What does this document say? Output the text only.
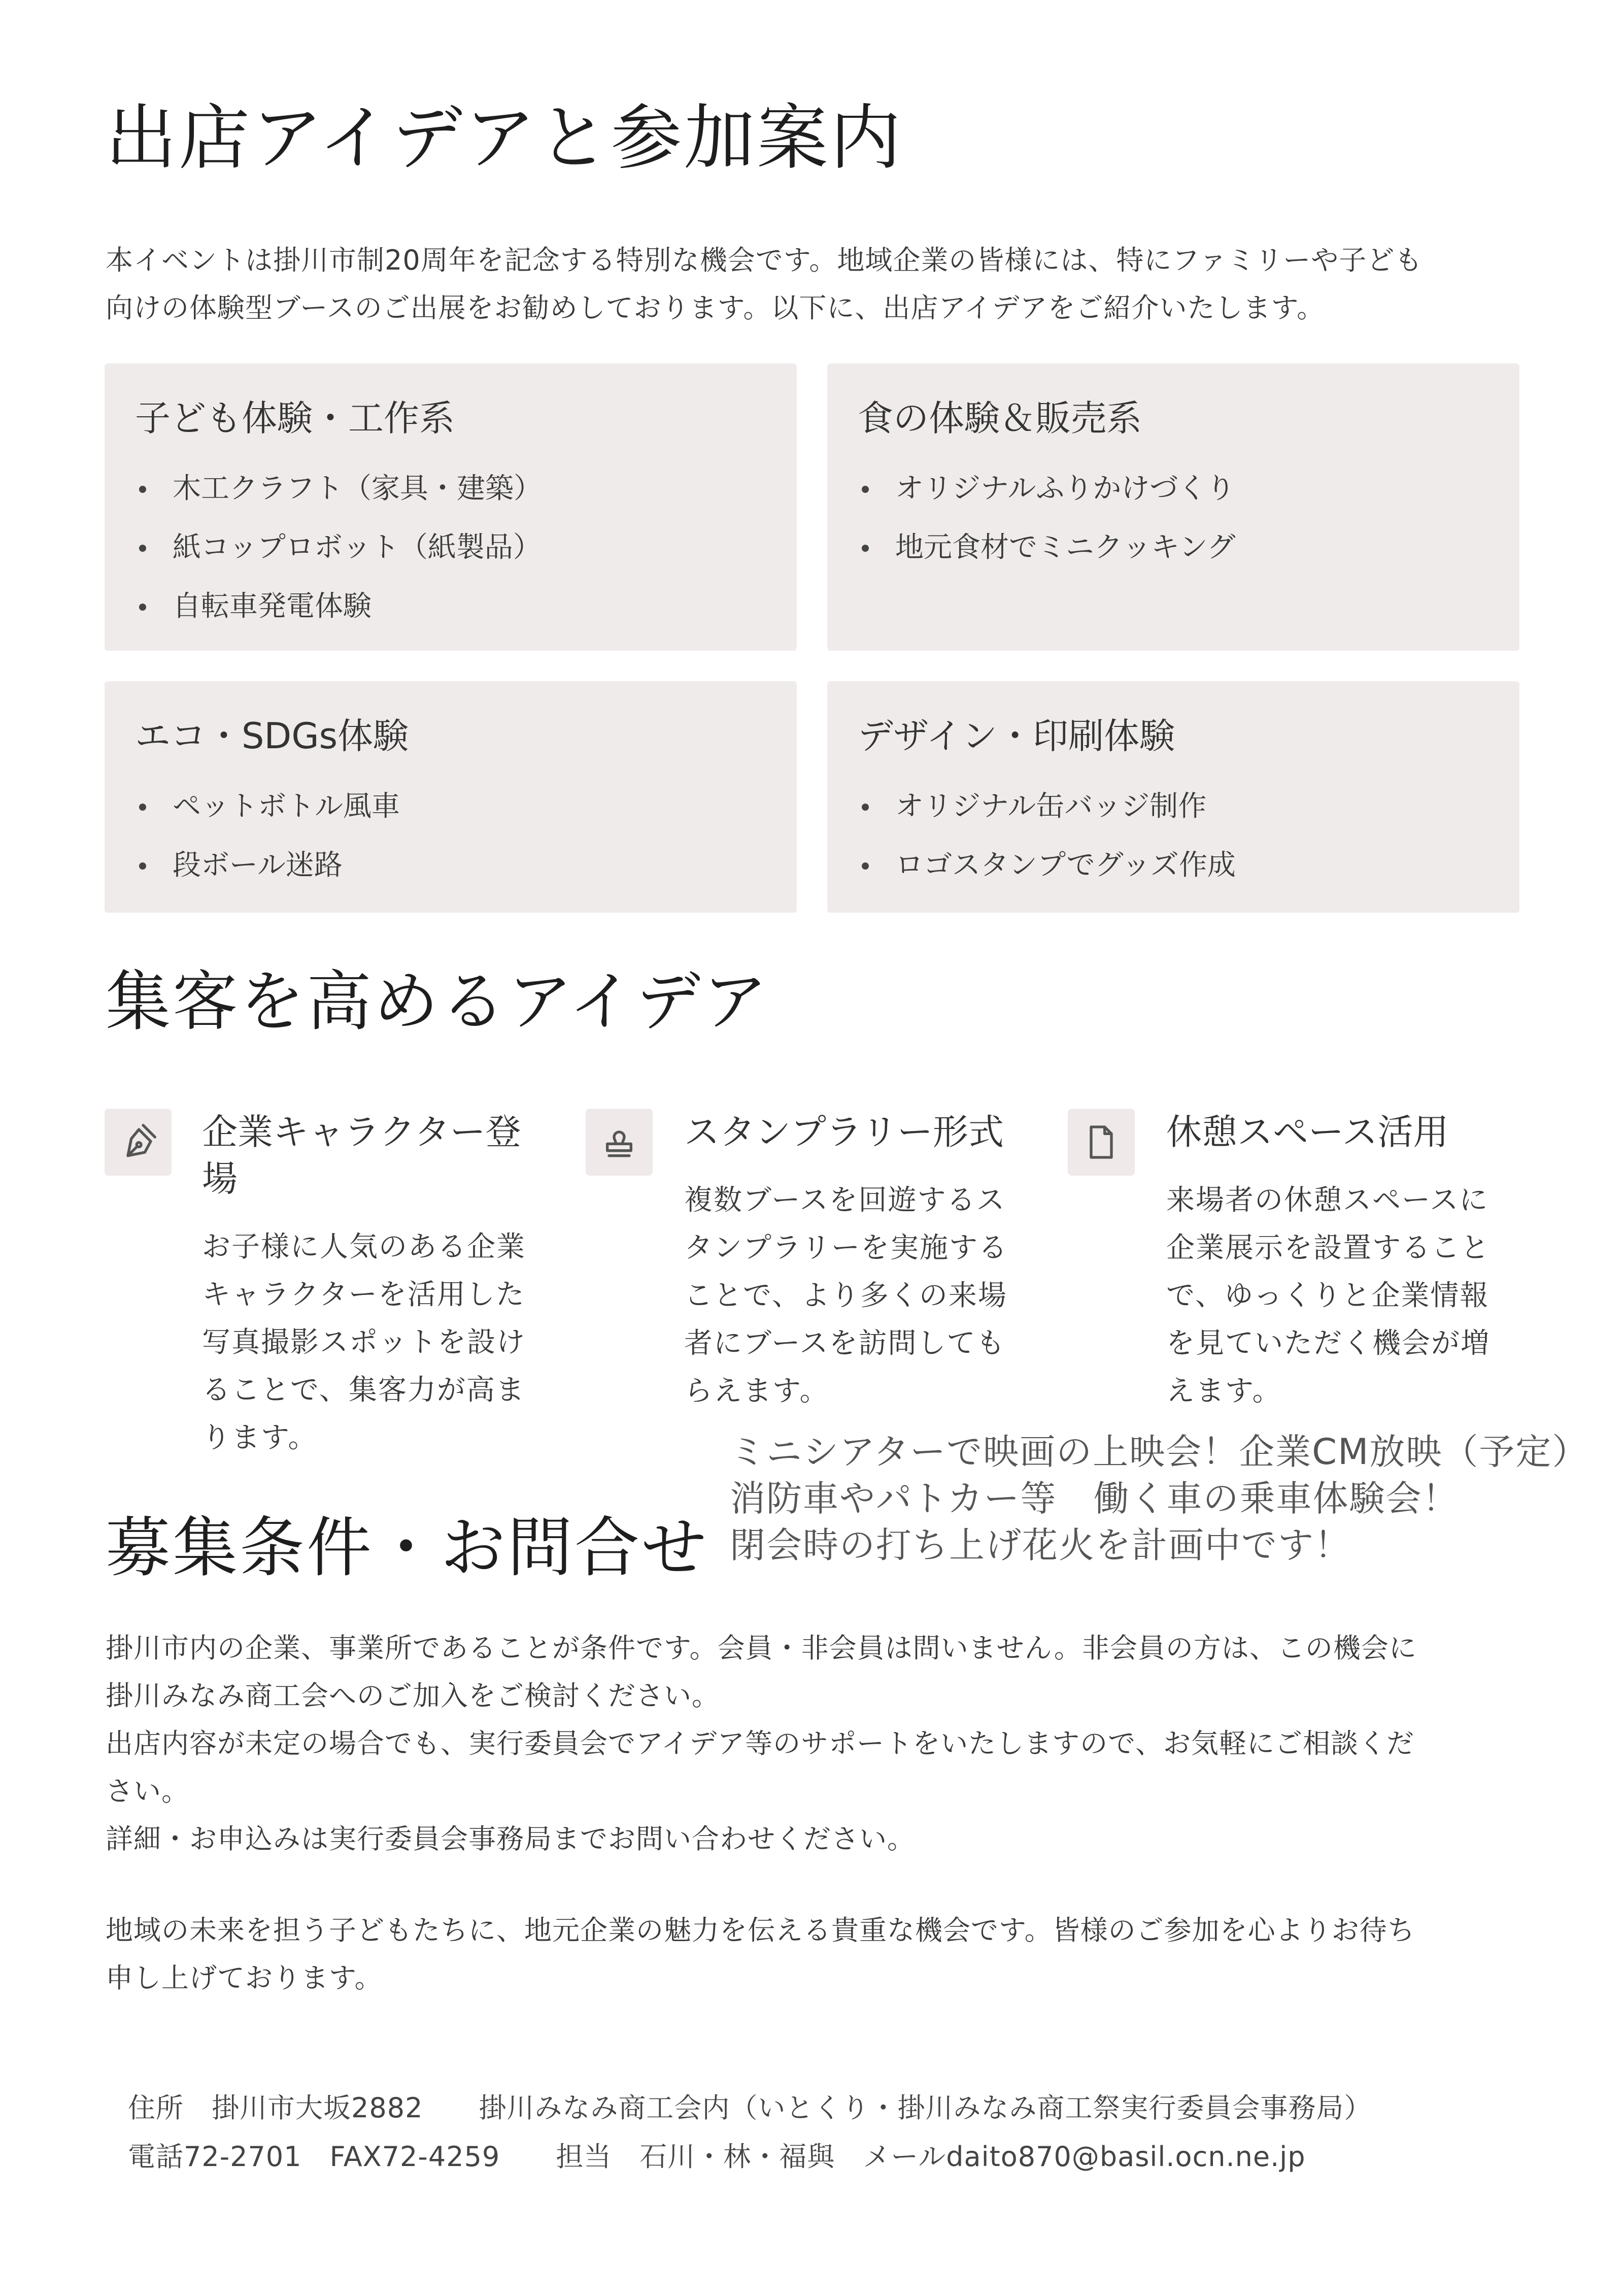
出店アイデアと参加案内
本イベントは掛川市制20周年を記念する特別な機会です。地域企業の皆様には、特にファミリーや子ども
向けの体験型ブースのご出展をお勧めしております。以下に、出店アイデアをご紹介いたします。
子ども体験・工作系
木工クラフト（家具・建築）
紙コップロボット（紙製品）
自転車発電体験
食の体験＆販売系
オリジナルふりかけづくり
地元食材でミニクッキング
エコ・SDGs体験
ペットボトル風車
段ボール迷路
デザイン・印刷体験
オリジナル缶バッジ制作
ロゴスタンプでグッズ作成
集客を高めるアイデア
企業キャラクター登
場
お子様に人気のある企業
キャラクターを活用した
写真撮影スポットを設け
ることで、集客力が高ま
ります。
スタンプラリー形式
複数ブースを回遊するス
タンプラリーを実施する
ことで、より多くの来場
者にブースを訪問しても
らえます。
休憩スペース活用
来場者の休憩スペースに
企業展示を設置すること
で、ゆっくりと企業情報
を見ていただく機会が増
えます。
ミニシアターで映画の上映会！企業CM放映（予定）
消防車やパトカー等　働く車の乗車体験会！
閉会時の打ち上げ花火を計画中です！
募集条件・お問合せ
掛川市内の企業、事業所であることが条件です。会員・非会員は問いません。非会員の方は、この機会に
掛川みなみ商工会へのご加入をご検討ください。
出店内容が未定の場合でも、実行委員会でアイデア等のサポートをいたしますので、お気軽にご相談くだ
さい。
詳細・お申込みは実行委員会事務局までお問い合わせください。
地域の未来を担う子どもたちに、地元企業の魅力を伝える貴重な機会です。皆様のご参加を心よりお待ち
申し上げております。
住所　掛川市大坂2882　　掛川みなみ商工会内（いとくり・掛川みなみ商工祭実行委員会事務局）
電話72-2701　FAX72-4259　　担当　石川・林・福與　メールdaito870@basil.ocn.ne.jp
